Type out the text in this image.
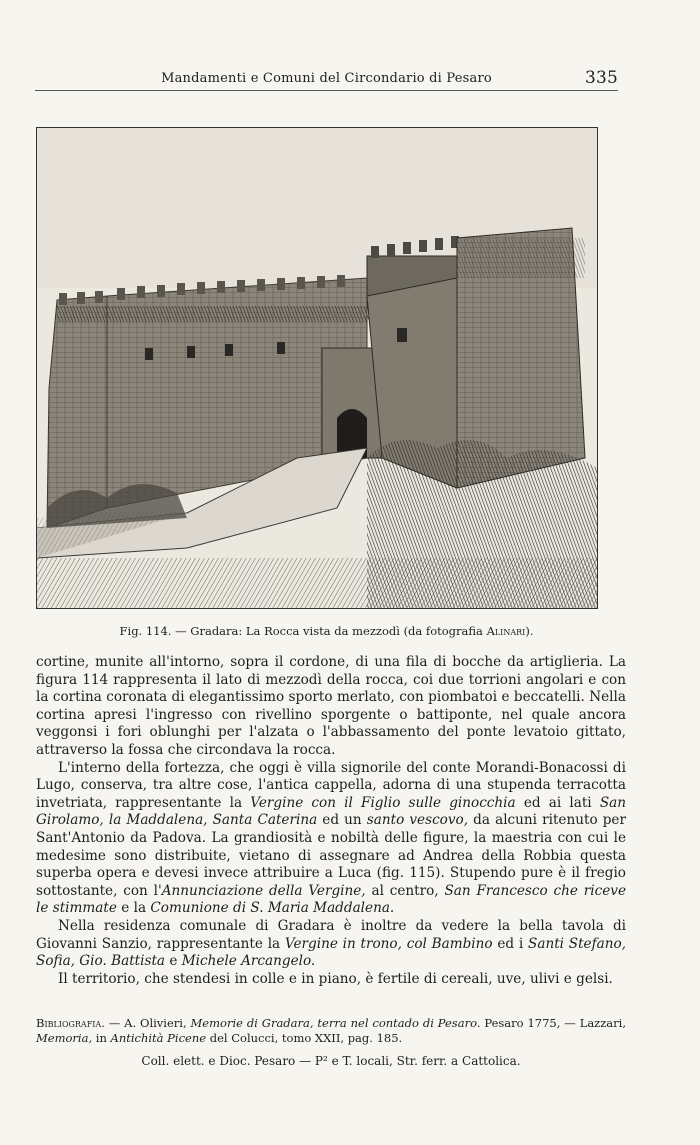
Mandamenti e Comuni del Circondario di Pesaro	335
Fig. 114. — Gradara: La Rocca vista da mezzodì (da fotografia Alinari).

cortine, munite all'intorno, sopra il cordone, di una fila di bocche da artiglieria. La figura 114 rappresenta il lato di mezzodì della rocca, coi due torrioni angolari e con la cortina coronata di elegantissimo sporto merlato, con piombatoi e beccatelli. Nella cortina apresi l'ingresso con rivellino sporgente o battiponte, nel quale ancora veggonsi i fori oblunghi per l'alzata o l'abbassamento del ponte levatoio gittato, attraverso la fossa che circondava la rocca.

L'interno della fortezza, che oggi è villa signorile del conte Morandi-Bonacossi di Lugo, conserva, tra altre cose, l'antica cappella, adorna di una stupenda terracotta invetriata, rappresentante la Vergine con il Figlio sulle ginocchia ed ai lati San Girolamo, la Maddalena, Santa Caterina ed un santo vescovo, da alcuni ritenuto per Sant'Antonio da Padova. La grandiosità e nobiltà delle figure, la maestria con cui le medesime sono distribuite, vietano di assegnare ad Andrea della Robbia questa superba opera e devesi invece attribuire a Luca (fig. 115). Stupendo pure è il fregio sottostante, con l'Annunciazione della Vergine, al centro, San Francesco che riceve le stimmate e la Comunione di S. Maria Maddalena.

Nella residenza comunale di Gradara è inoltre da vedere la bella tavola di Giovanni Sanzio, rappresentante la Vergine in trono, col Bambino ed i Santi Stefano, Sofia, Gio. Battista e Michele Arcangelo.

Il territorio, che stendesi in colle e in piano, è fertile di cereali, uve, ulivi e gelsi.

Bibliografia. — A. Olivieri, Memorie di Gradara, terra nel contado di Pesaro. Pesaro 1775, — Lazzari, Memoria, in Antichità Picene del Colucci, tomo XXII, pag. 185.

Coll. elett. e Dioc. Pesaro — P² e T. locali, Str. ferr. a Cattolica.
